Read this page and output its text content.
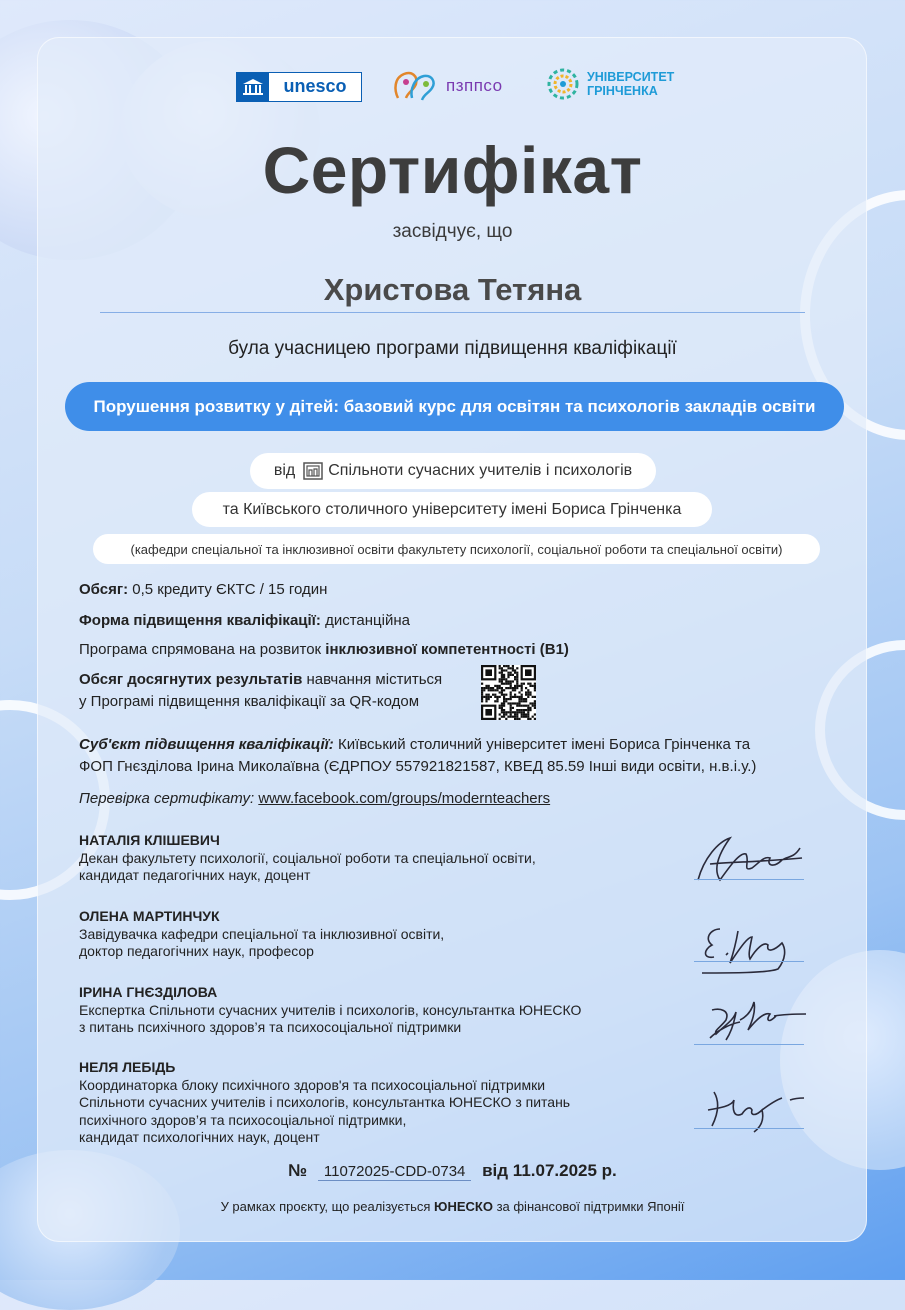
unesco	пзппсо	УНІВЕРСИТЕТ
ГРІНЧЕНКА
Сертифікат
засвідчує, що
Христова Тетяна
була учасницею програми підвищення кваліфікації
Порушення розвитку у дітей: базовий курс для освітян та психологів закладів освіти
від Спільноти сучасних учителів і психологів
та Київського столичного університету імені Бориса Грінченка
(кафедри спеціальної та інклюзивної освіти факультету психології, соціальної роботи та спеціальної освіти)
Обсяг: 0,5 кредиту ЄКТС / 15 годин
Форма підвищення кваліфікації: дистанційна
Програма спрямована на розвиток інклюзивної компетентності (В1)
Обсяг досягнутих результатів навчання міститься
у Програмі підвищення кваліфікації за QR-кодом
Суб'єкт підвищення кваліфікації: Київський столичний університет імені Бориса Грінченка та
ФОП Гнєзділова Ірина Миколаївна (ЄДРПОУ 557921821587, КВЕД 85.59 Інші види освіти, н.в.і.у.)
Перевірка сертифікату: www.facebook.com/groups/modernteachers
НАТАЛІЯ КЛІШЕВИЧ
Декан факультету психології, соціальної роботи та спеціальної освіти,
кандидат педагогічних наук, доцент
ОЛЕНА МАРТИНЧУК
Завідувачка кафедри спеціальної та інклюзивної освіти,
доктор педагогічних наук, професор
ІРИНА ГНЄЗДІЛОВА
Експертка Спільноти сучасних учителів і психологів, консультантка ЮНЕСКО
з питань психічного здоров’я та психосоціальної підтримки
НЕЛЯ ЛЕБІДЬ
Координаторка блоку психічного здоров'я та психосоціальної підтримки
Спільноти сучасних учителів і психологів, консультантка ЮНЕСКО з питань
психічного здоров’я та психосоціальної підтримки,
кандидат психологічних наук, доцент
№ 11072025-CDD-0734 від 11.07.2025 р.
У рамках проєкту, що реалізується ЮНЕСКО за фінансової підтримки Японії
